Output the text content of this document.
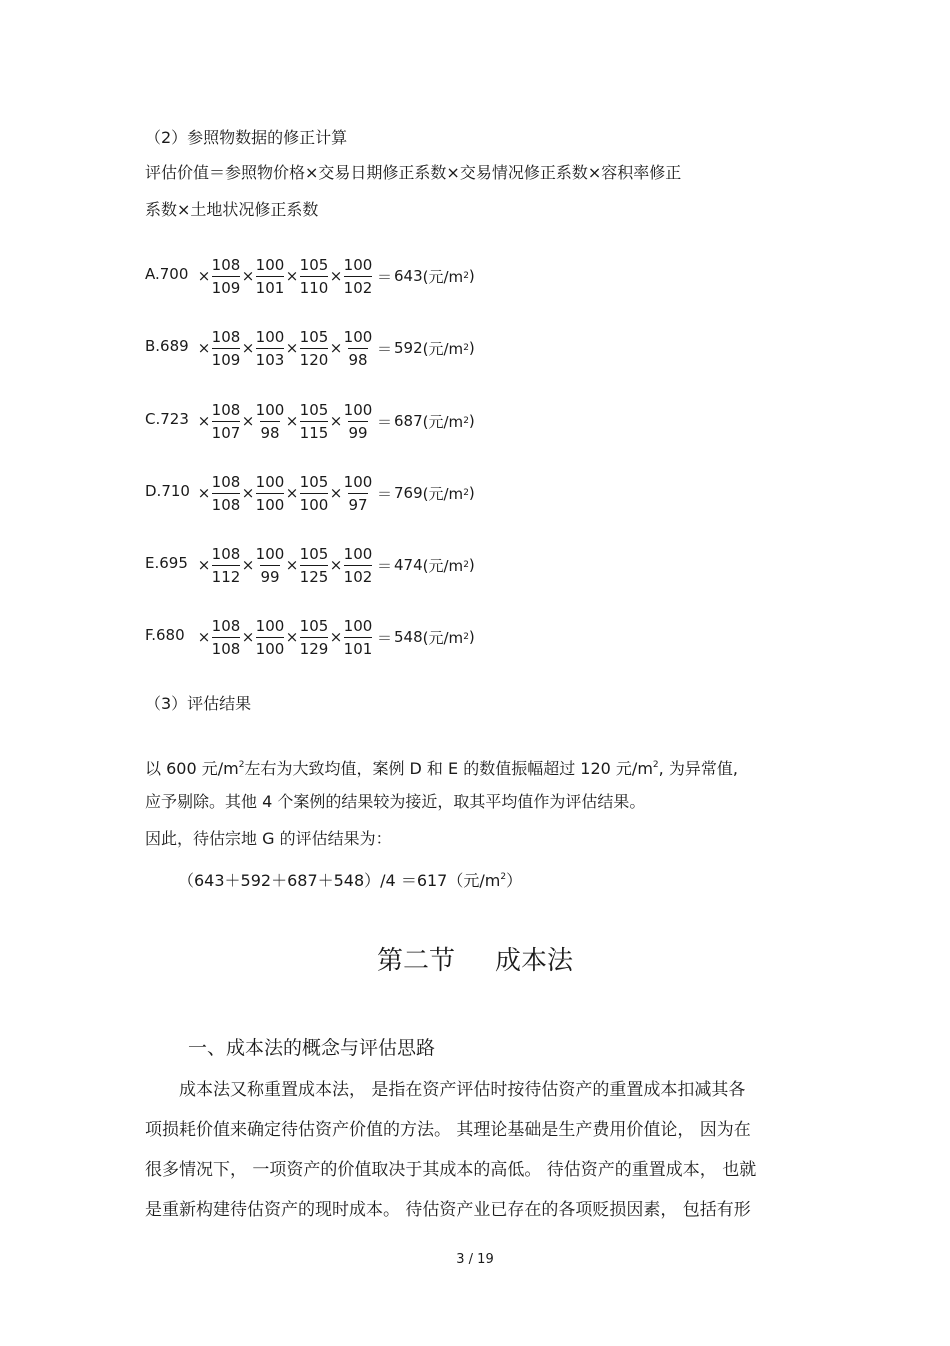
（2）参照物数据的修正计算
评估价值＝参照物价格×交易日期修正系数×交易情况修正系数×容积率修正
系数×土地状况修正系数
$A.700 \times \frac{108}{109} \times \frac{100}{101} \times \frac{105}{110} \times \frac{100}{102} = 643$ (元/m 2 )
$B.689 \times \frac{108}{109} \times \frac{100}{103} \times \frac{105}{120} \times \frac{100}{98} = 592$ (元/m 2 )
$C.723 \times \frac{108}{107} \times \frac{100}{98} \times \frac{105}{115} \times \frac{100}{99} = 687$ (元/m 2 )
$D.710 \times \frac{108}{108} \times \frac{100}{100} \times \frac{105}{100} \times \frac{100}{97} = 769$ (元/m 2 )
$E.695 \times \frac{108}{112} \times \frac{100}{99} \times \frac{105}{125} \times \frac{100}{102} = 474$ (元/m 2 )
$F.680 \times \frac{108}{108} \times \frac{100}{100} \times \frac{105}{129} \times \frac{100}{101} = 548$ (元/m 2 )
（3）评估结果
以 600 元$/m^2$左右为大致均值，案例 D 和 E 的数值振幅超过 120 元$/m^2$, 为异常值,
应予剔除。其他 4 个案例的结果较为接近，取其平均值作为评估结果。
因此，待估宗地 G 的评估结果为：
（643＋592＋687＋548）/4 ＝617（元$/m^2$）
第二节 成本法
一、成本法的概念与评估思路
　　成本法又称重置成本法， 是指在资产评估时按待估资产的重置成本扣减其各
项损耗价值来确定待估资产价值的方法。 其理论基础是生产费用价值论， 因为在
很多情况下， 一项资产的价值取决于其成本的高低。 待估资产的重置成本， 也就
是重新构建待估资产的现时成本。 待估资产业已存在的各项贬损因素， 包括有形
3 / 19
